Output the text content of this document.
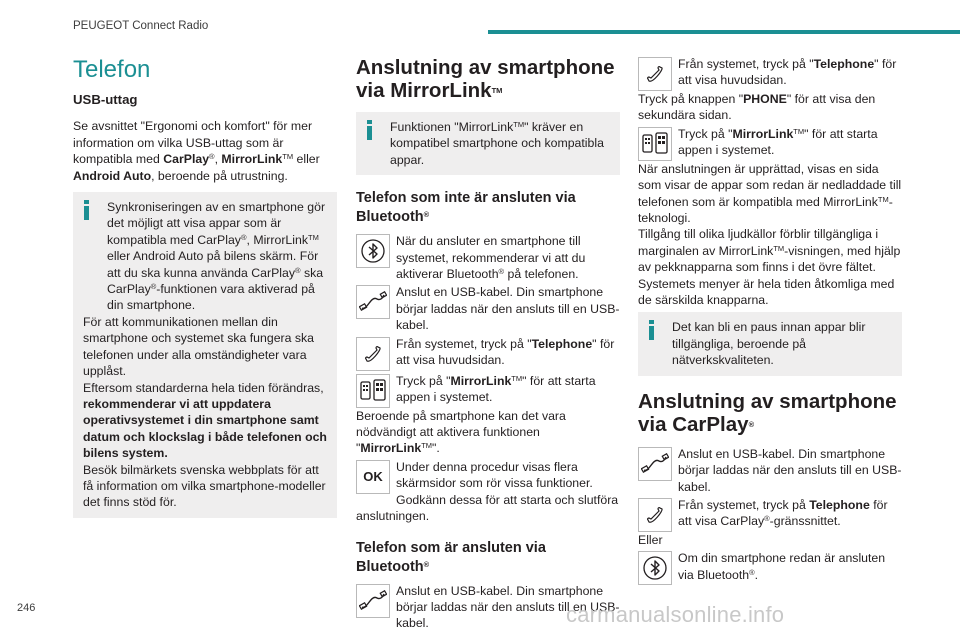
PEUGEOT Connect Radio
Telefon
USB-uttag

Se avsnittet "Ergonomi och komfort" för mer information om vilka USB-uttag som är kompatibla med CarPlay®, MirrorLink™ eller Android Auto, beroende på utrustning.

Synkroniseringen av en smartphone gör det möjligt att visa appar som är kompatibla med CarPlay®, MirrorLink™ eller Android Auto på bilens skärm. För att du ska kunna använda CarPlay® ska CarPlay®-funktionen vara aktiverad på din smartphone.

För att kommunikationen mellan din smartphone och systemet ska fungera ska telefonen under alla omständigheter vara upplåst.

Eftersom standarderna hela tiden förändras, rekommenderar vi att uppdatera operativsystemet i din smartphone samt datum och klockslag i både telefonen och bilens system.

Besök bilmärkets svenska webbplats för att få information om vilka smartphone-modeller det finns stöd för.

Anslutning av smartphone via MirrorLink™

Funktionen "MirrorLink™" kräver en kompatibel smartphone och kompatibla appar.

Telefon som inte är ansluten via Bluetooth®

När du ansluter en smartphone till systemet, rekommenderar vi att du aktiverar Bluetooth® på telefonen.

Anslut en USB-kabel. Din smartphone börjar laddas när den ansluts till en USB-kabel.

Från systemet, tryck på "Telephone" för att visa huvudsidan.

Tryck på "MirrorLink™" för att starta appen i systemet.

Beroende på smartphone kan det vara nödvändigt att aktivera funktionen "MirrorLink™".

OK

Under denna procedur visas flera skärmsidor som rör vissa funktioner. Godkänn dessa för att starta och slutföra anslutningen.

Telefon som är ansluten via Bluetooth®

Anslut en USB-kabel. Din smartphone börjar laddas när den ansluts till en USB-kabel.

Från systemet, tryck på "Telephone" för att visa huvudsidan.

Tryck på knappen "PHONE" för att visa den sekundära sidan.

Tryck på "MirrorLink™" för att starta appen i systemet.

När anslutningen är upprättad, visas en sida som visar de appar som redan är nedladdade till telefonen som är kompatibla med MirrorLink™-teknologi.

Tillgång till olika ljudkällor förblir tillgängliga i marginalen av MirrorLink™-visningen, med hjälp av pekknapparna som finns i det övre fältet.

Systemets menyer är hela tiden åtkomliga med de särskilda knapparna.

Det kan bli en paus innan appar blir tillgängliga, beroende på nätverkskvaliteten.

Anslutning av smartphone via CarPlay®

Anslut en USB-kabel. Din smartphone börjar laddas när den ansluts till en USB-kabel.

Från systemet, tryck på Telephone för att visa CarPlay®-gränssnittet.

Eller

Om din smartphone redan är ansluten via Bluetooth®.

246	carmanualsonline.info
